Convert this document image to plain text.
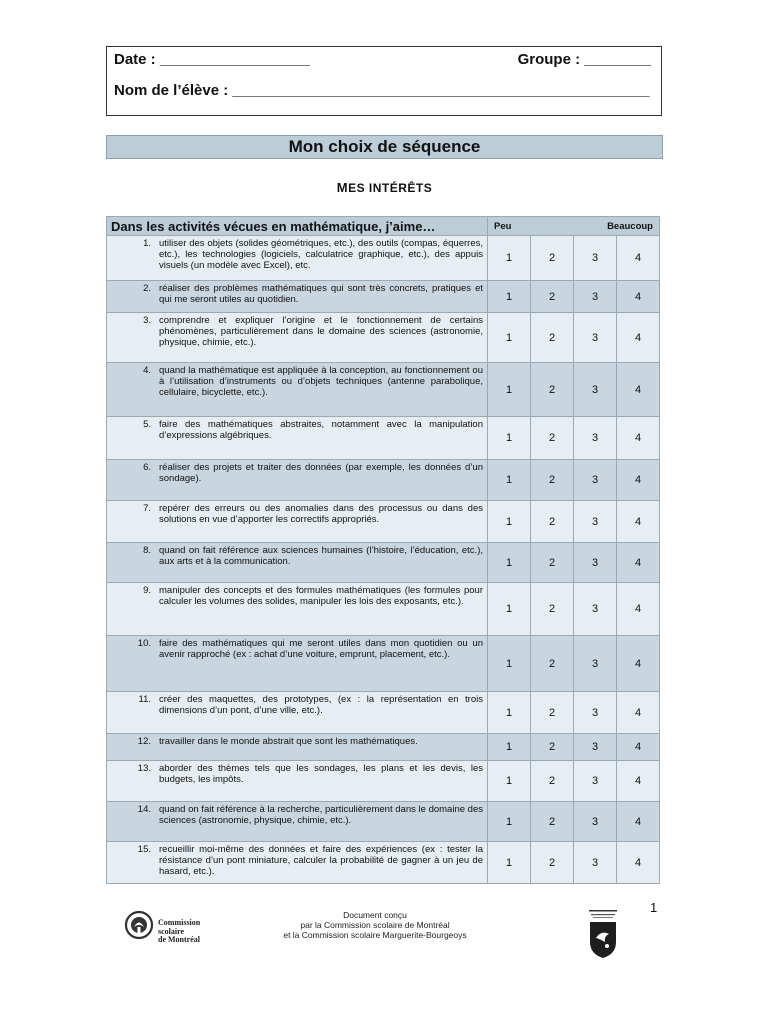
Date : __________________	Groupe : ________
Nom de l’élève : __________________________________________________
Mon choix de séquence
MES INTÉRÊTS
Dans les activités vécues en mathématique, j’aime…	Peu		Beaucoup	

1. utiliser des objets (solides géométriques, etc.), des outils (compas, équerres, etc.), les technologies (logiciels, calculatrice graphique, etc.), des appuis visuels (un modèle avec Excel), etc.	1	2	3	4

2. réaliser des problèmes mathématiques qui sont très concrets, pratiques et qui me seront utiles au quotidien.	1	2	3	4

3. comprendre et expliquer l’origine et le fonctionnement de certains phénomènes, particulièrement dans le domaine des sciences (astronomie, physique, chimie, etc.).	1	2	3	4

4. quand la mathématique est appliquée à la conception, au fonctionnement ou à l’utilisation d’instruments ou d’objets techniques (antenne parabolique, cellulaire, bicyclette, etc.).	1	2	3	4

5. faire des mathématiques abstraites, notamment avec la manipulation d’expressions algébriques.	1	2	3	4

6. réaliser des projets et traiter des données (par exemple, les données d’un sondage).	1	2	3	4

7. repérer des erreurs ou des anomalies dans des processus ou dans des solutions en vue d’apporter les correctifs appropriés.	1	2	3	4

8. quand on fait référence aux sciences humaines (l’histoire, l’éducation, etc.), aux arts et à la communication.	1	2	3	4

9. manipuler des concepts et des formules mathématiques (les formules pour calculer les volumes des solides, manipuler les lois des exposants, etc.).	1	2	3	4

10. faire des mathématiques qui me seront utiles dans mon quotidien ou un avenir rapproché (ex : achat d’une voiture, emprunt, placement, etc.).	1	2	3	4

11. créer des maquettes, des prototypes, (ex : la représentation en trois dimensions d’un pont, d’une ville, etc.).	1	2	3	4

12. travailler dans le monde abstrait que sont les mathématiques.	1	2	3	4

13. aborder des thèmes tels que les sondages, les plans et les devis, les budgets, les impôts.	1	2	3	4

14. quand on fait référence à la recherche, particulièrement dans le domaine des sciences (astronomie, physique, chimie, etc.).	1	2	3	4

15. recueillir moi-même des données et faire des expériences (ex : tester la résistance d’un pont miniature, calculer la probabilité de gagner à un jeu de hasard, etc.).	1	2	3	4
1
Commission
scolaire
de Montréal
Document conçu
par la Commission scolaire de Montréal
et la Commission scolaire Marguerite-Bourgeoys
